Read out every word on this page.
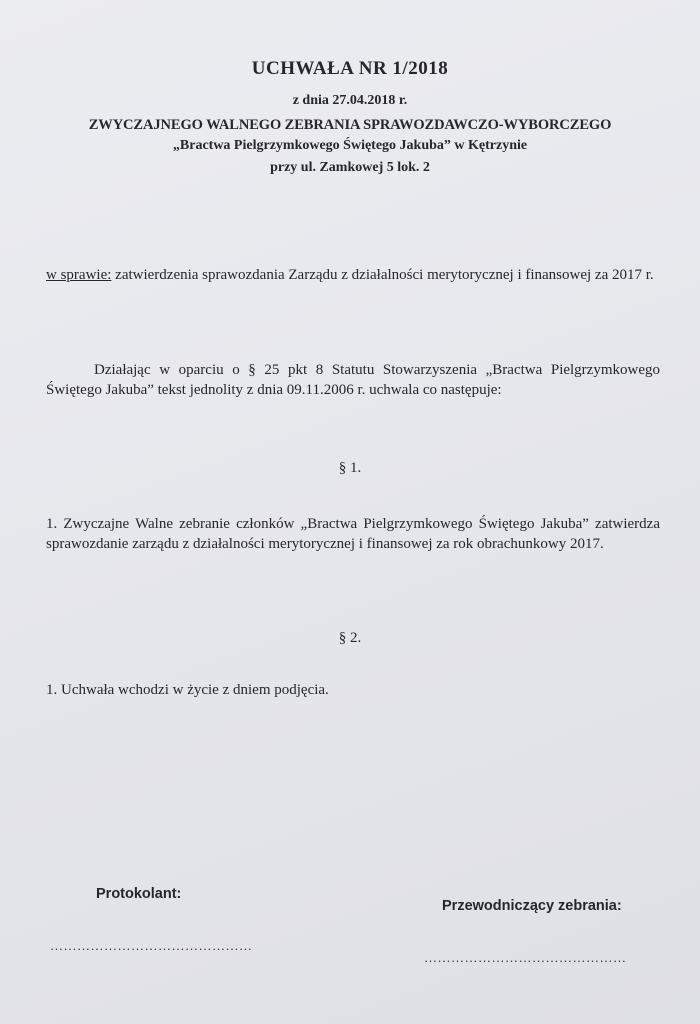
UCHWAŁA NR 1/2018

z dnia 27.04.2018 r.

ZWYCZAJNEGO WALNEGO ZEBRANIA SPRAWOZDAWCZO-WYBORCZEGO

„Bractwa Pielgrzymkowego Świętego Jakuba” w Kętrzynie

przy ul. Zamkowej 5 lok. 2

w sprawie: zatwierdzenia sprawozdania Zarządu z działalności merytorycznej i finansowej za 2017 r.

Działając w oparciu o § 25 pkt 8 Statutu Stowarzyszenia „Bractwa Pielgrzymkowego Świętego Jakuba” tekst jednolity z dnia 09.11.2006 r. uchwala co następuje:

§ 1.

1. Zwyczajne Walne zebranie członków „Bractwa Pielgrzymkowego Świętego Jakuba” zatwierdza sprawozdanie zarządu z działalności merytorycznej i finansowej za rok obrachunkowy 2017.

§ 2.

1. Uchwała wchodzi w życie z dniem podjęcia.

Protokolant:

………………………………………

Przewodniczący zebrania:

………………………………………
